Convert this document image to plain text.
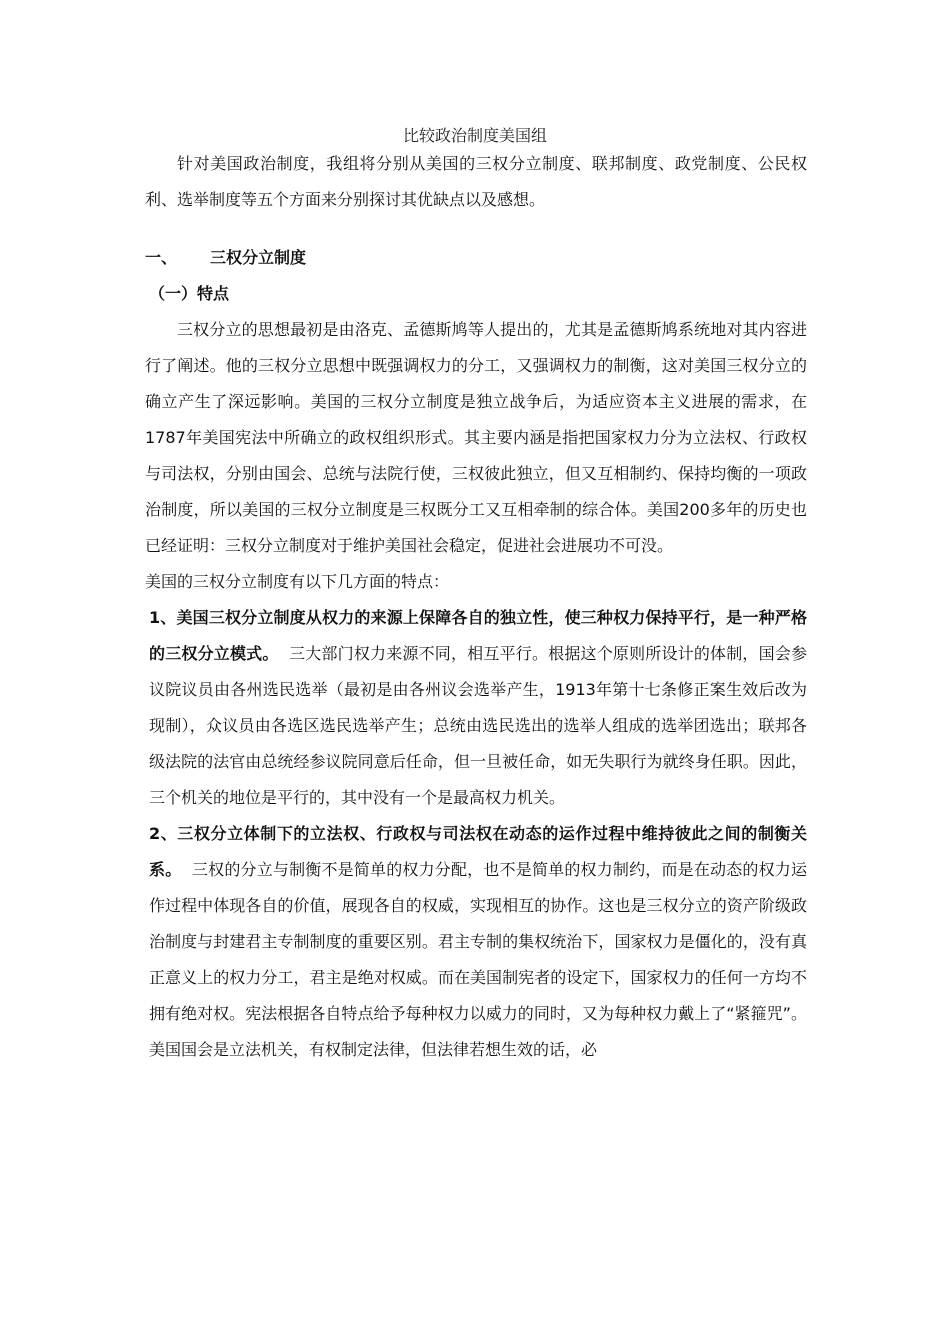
比较政治制度美国组

针对美国政治制度，我组将分别从美国的三权分立制度、联邦制度、政党制度、公民权利、选举制度等五个方面来分别探讨其优缺点以及感想。

一、 三权分立制度

（一）特点

三权分立的思想最初是由洛克、孟德斯鸠等人提出的，尤其是孟德斯鸠系统地对其内容进行了阐述。他的三权分立思想中既强调权力的分工，又强调权力的制衡，这对美国三权分立的确立产生了深远影响。美国的三权分立制度是独立战争后，为适应资本主义进展的需求，在1787年美国宪法中所确立的政权组织形式。其主要内涵是指把国家权力分为立法权、行政权与司法权，分别由国会、总统与法院行使，三权彼此独立，但又互相制约、保持均衡的一项政治制度，所以美国的三权分立制度是三权既分工又互相牵制的综合体。美国200多年的历史也已经证明：三权分立制度对于维护美国社会稳定，促进社会进展功不可没。

美国的三权分立制度有以下几方面的特点：

1、美国三权分立制度从权力的来源上保障各自的独立性，使三种权力保持平行，是一种严格的三权分立模式。 三大部门权力来源不同，相互平行。根据这个原则所设计的体制，国会参议院议员由各州选民选举（最初是由各州议会选举产生，1913年第十七条修正案生效后改为现制），众议员由各选区选民选举产生；总统由选民选出的选举人组成的选举团选出；联邦各级法院的法官由总统经参议院同意后任命，但一旦被任命，如无失职行为就终身任职。因此，三个机关的地位是平行的，其中没有一个是最高权力机关。

2、三权分立体制下的立法权、行政权与司法权在动态的运作过程中维持彼此之间的制衡关系。 三权的分立与制衡不是简单的权力分配，也不是简单的权力制约，而是在动态的权力运作过程中体现各自的价值，展现各自的权威，实现相互的协作。这也是三权分立的资产阶级政治制度与封建君主专制制度的重要区别。君主专制的集权统治下，国家权力是僵化的，没有真正意义上的权力分工，君主是绝对权威。而在美国制宪者的设定下，国家权力的任何一方均不拥有绝对权。宪法根据各自特点给予每种权力以威力的同时，又为每种权力戴上了“紧箍咒”。美国国会是立法机关，有权制定法律，但法律若想生效的话，必
